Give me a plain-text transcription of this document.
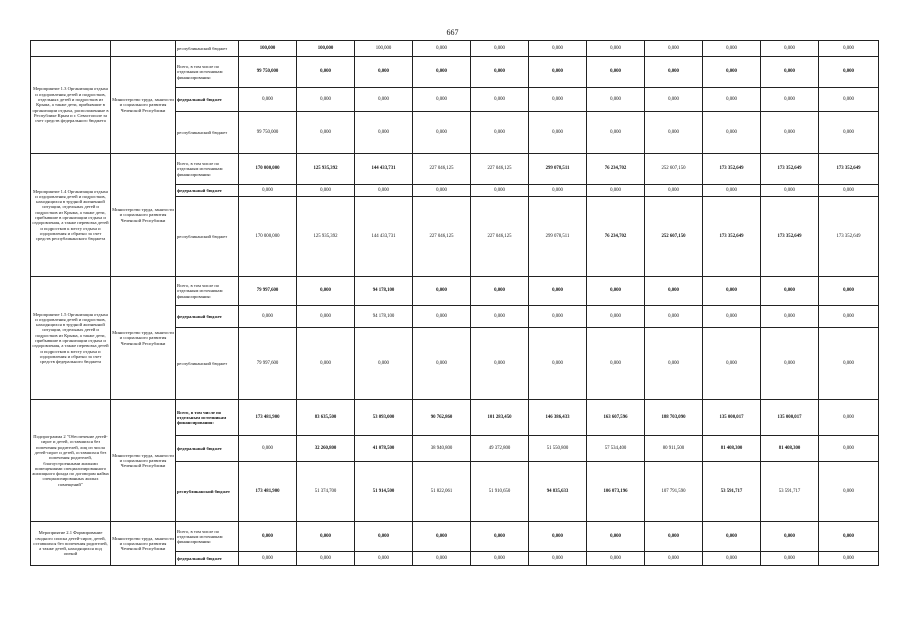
667
		республиканский бюджет	100,000	100,000	100,000	0,000	0,000	0,000	0,000	0,000	0,000	0,000	0,000
Мероприятие 1.3 Организация отдыха и оздоровления детей и подростков, отдельных детей и подростков из Крыма, а также дети, прибывшие в организации отдыха, расположенные в Республике Крым и г. Севастополе за счет средств федерального бюджета	Министерство труда, занятости и социального развития Чеченской Республики	Всего, в том числе по отдельным источникам финансирования:	99 750,000	0,000	0,000	0,000	0,000	0,000	0,000	0,000	0,000	0,000	0,000
		федеральный бюджет	0,000	0,000	0,000	0,000	0,000	0,000	0,000	0,000	0,000	0,000	0,000
		республиканский бюджет	99 750,000	0,000	0,000	0,000	0,000	0,000	0,000	0,000	0,000	0,000	0,000
Мероприятие 1.4 Организация отдыха и оздоровления детей и подростков, находящихся в трудной жизненной ситуации, отдельных детей и подростков из Крыма, а также дети, прибывшие в организации отдыха и оздоровления, а также перевозка детей и подростков к месту отдыха и оздоровления и обратно за счет средств республиканского бюджета	Министерство труда, занятости и социального развития Чеченской Республики	Всего, в том числе по отдельным источникам финансирования:	170 000,000	125 935,392	144 433,731	227 046,125	227 046,125	299 078,511	76 234,702	252 607,150	173 352,649	173 352,649	173 352,649
		федеральный бюджет	0,000	0,000	0,000	0,000	0,000	0,000	0,000	0,000	0,000	0,000	0,000
		республиканский бюджет	170 000,000	125 935,392	144 433,731	227 046,125	227 046,125	299 078,511	76 234,702	252 607,150	173 352,649	173 352,649	173 352,649
Мероприятие 1.5 Организация отдыха и оздоровления детей и подростков, находящихся в трудной жизненной ситуации, отдельных детей и подростков из Крыма, а также дети, прибывшие в организации отдыха и оздоровления, а также перевозка детей и подростков к месту отдыха и оздоровления и обратно за счет средств федерального бюджета	Министерство труда, занятости и социального развития Чеченской Республики	Всего, в том числе по отдельным источникам финансирования:	79 997,600	0,000	94 178,100	0,000	0,000	0,000	0,000	0,000	0,000	0,000	0,000
		федеральный бюджет	0,000	0,000	94 178,100	0,000	0,000	0,000	0,000	0,000	0,000	0,000	0,000
		республиканский бюджет	79 997,600	0,000	0,000	0,000	0,000	0,000	0,000	0,000	0,000	0,000	0,000
Подпрограмма 2 "Обеспечение детей-сирот и детей, оставшихся без попечения родителей, лиц из числа детей-сирот и детей, оставшихся без попечения родителей, благоустроенными жилыми помещениями специализированного жилищного фонда по договорам найма специализированных жилых помещений"	Министерство труда, занятости и социального развития Чеченской Республики	Всего, в том числе по отдельным источникам финансирования:	173 481,900	83 635,500	53 093,000	90 762,860	101 283,450	146 386,433	163 607,596	188 703,090	135 000,017	135 000,017	0,000
		федеральный бюджет	0,000	32 260,800	41 078,500	38 940,800	49 372,800	51 550,800	57 534,400	80 911,500	81 408,300	81 408,300	0,000
		республиканский бюджет	173 481,900	51 374,700	51 914,500	51 822,061	51 910,650	94 835,633	106 073,196	107 791,590	53 591,717	53 591,717	0,000
Мероприятие 2.1 Формирование сводного списка детей-сирот, детей, оставшихся без попечения родителей, а также детей, находящихся под опекой	Министерство труда, занятости и социального развития Чеченской Республики	Всего, в том числе по отдельным источникам финансирования:	0,000	0,000	0,000	0,000	0,000	0,000	0,000	0,000	0,000	0,000	0,000
		федеральный бюджет	0,000	0,000	0,000	0,000	0,000	0,000	0,000	0,000	0,000	0,000	0,000
